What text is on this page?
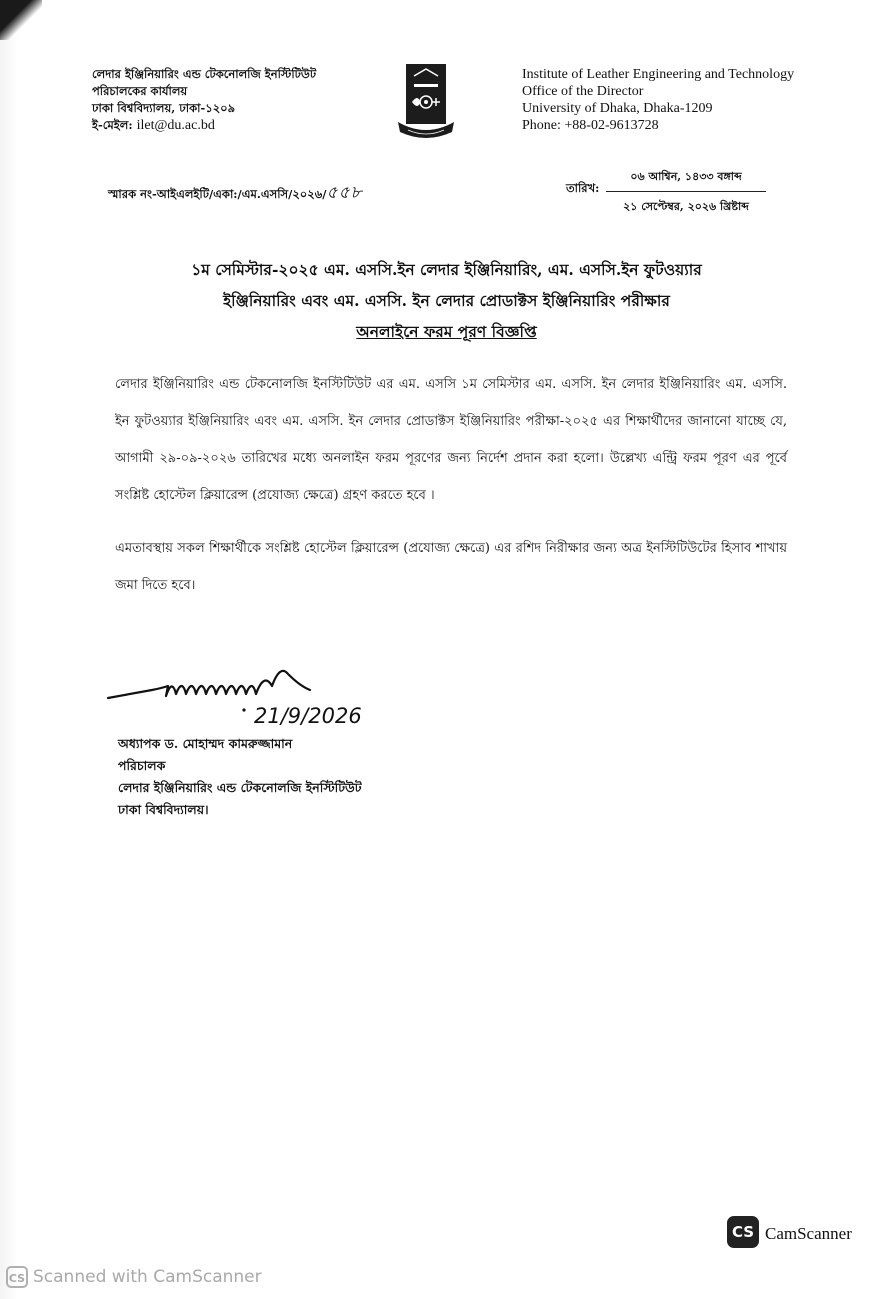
লেদার ইঞ্জিনিয়ারিং এন্ড টেকনোলজি ইনস্টিটিউট
পরিচালকের কার্যালয়
ঢাকা বিশ্ববিদ্যালয়, ঢাকা-১২০৯
ই-মেইল: ilet@du.ac.bd
Institute of Leather Engineering and Technology
Office of the Director
University of Dhaka, Dhaka-1209
Phone: +88-02-9613728
স্মারক নং-আইএলইটি/একা:/এম.এসসি/২০২৬/৫৫৮	তারিখ:
০৬ আশ্বিন, ১৪৩৩ বঙ্গাব্দ
২১ সেপ্টেম্বর, ২০২৬ খ্রিষ্টাব্দ
১ম সেমিস্টার-২০২৫ এম. এসসি.ইন লেদার ইঞ্জিনিয়ারিং, এম. এসসি.ইন ফুটওয়্যার
ইঞ্জিনিয়ারিং এবং এম. এসসি. ইন লেদার প্রোডাক্টস ইঞ্জিনিয়ারিং পরীক্ষার
অনলাইনে ফরম পূরণ বিজ্ঞপ্তি
লেদার ইঞ্জিনিয়ারিং এন্ড টেকনোলজি ইনস্টিটিউট এর এম. এসসি ১ম সেমিস্টার এম. এসসি. ইন লেদার ইঞ্জিনিয়ারিং এম. এসসি. ইন ফুটওয়্যার ইঞ্জিনিয়ারিং এবং এম. এসসি. ইন লেদার প্রোডাক্টস ইঞ্জিনিয়ারিং পরীক্ষা-২০২৫ এর শিক্ষার্থীদের জানানো যাচ্ছে যে, আগামী ২৯-০৯-২০২৬ তারিখের মধ্যে অনলাইন ফরম পূরণের জন্য নির্দেশ প্রদান করা হলো। উল্লেখ্য এন্ট্রি ফরম পূরণ এর পূর্বে সংশ্লিষ্ট হোস্টেল ক্লিয়ারেন্স (প্রযোজ্য ক্ষেত্রে) গ্রহণ করতে হবে ।
এমতাবস্থায় সকল শিক্ষার্থীকে সংশ্লিষ্ট হোস্টেল ক্লিয়ারেন্স (প্রযোজ্য ক্ষেত্রে) এর রশিদ নিরীক্ষার জন্য অত্র ইনস্টিটিউটের হিসাব শাখায় জমা দিতে হবে।
21/9/2026
অধ্যাপক ড. মোহাম্মদ কামরুজ্জামান
পরিচালক
লেদার ইঞ্জিনিয়ারিং এন্ড টেকনোলজি ইনস্টিটিউট
ঢাকা বিশ্ববিদ্যালয়।
CS CamScanner
CS Scanned with CamScanner
